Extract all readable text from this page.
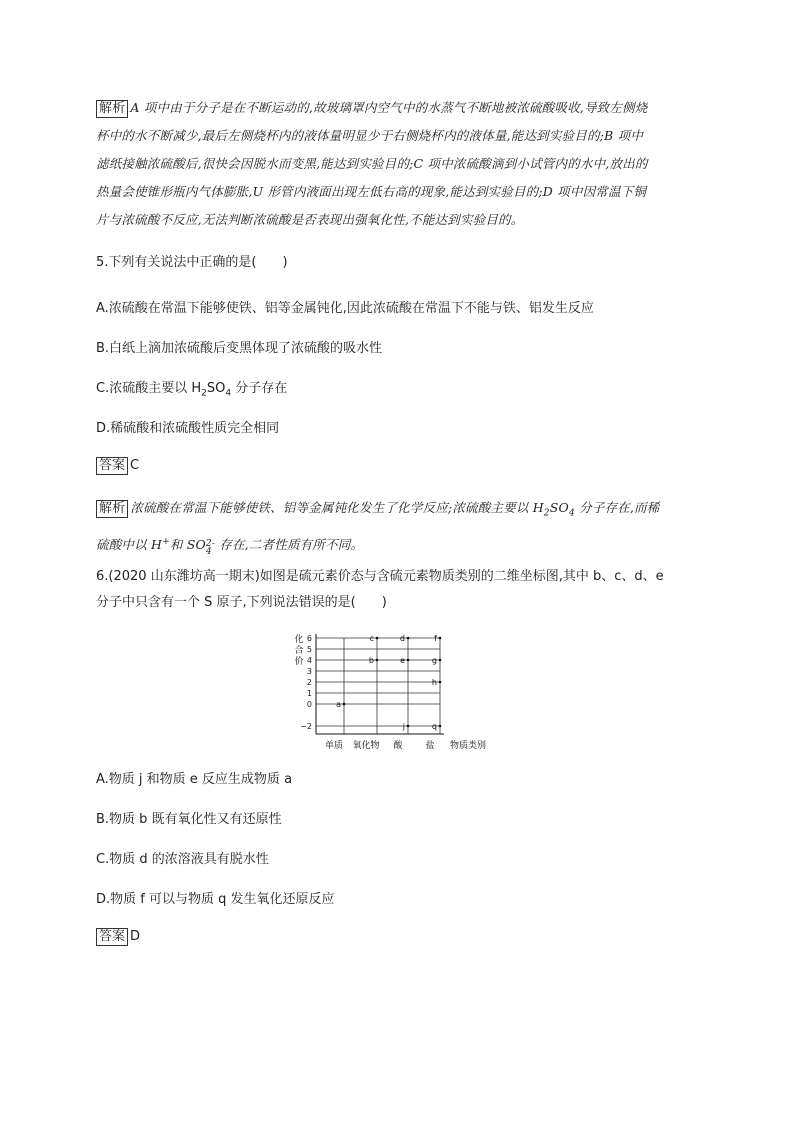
解析 A 项中由于分子是在不断运动的,故玻璃罩内空气中的水蒸气不断地被浓硫酸吸收,导致左侧烧
杯中的水不断减少,最后左侧烧杯内的液体量明显少于右侧烧杯内的液体量,能达到实验目的;B 项中
滤纸接触浓硫酸后,很快会因脱水而变黑,能达到实验目的;C 项中浓硫酸滴到小试管内的水中,放出的
热量会使锥形瓶内气体膨胀,U 形管内液面出现左低右高的现象,能达到实验目的;D 项中因常温下铜
片与浓硫酸不反应,无法判断浓硫酸是否表现出强氧化性,不能达到实验目的。
5.下列有关说法中正确的是(　　)
A.浓硫酸在常温下能够使铁、铝等金属钝化,因此浓硫酸在常温下不能与铁、铝发生反应
B.白纸上滴加浓硫酸后变黑体现了浓硫酸的吸水性
C.浓硫酸主要以 $H_2SO_4$ 分子存在
D.稀硫酸和浓硫酸性质完全相同
答案 C
解析 浓硫酸在常温下能够使铁、铝等金属钝化发生了化学反应;浓硫酸主要以 $H_2SO_4$ 分子存在,而稀
硫酸中以 H+和 SO 2-
4 存在,二者性质有所不同。
6.(2020 山东潍坊高一期末)如图是硫元素价态与含硫元素物质类别的二维坐标图,其中 b、c、d、e
分子中只含有一个 S 原子,下列说法错误的是(　　)
6
5
4
3
2
1
0
−2
化
合
价
单质 氧化物 酸	盐 物质类别
a
b
c	d
e
j
f
g
h
q
A.物质 j 和物质 e 反应生成物质 a
B.物质 b 既有氧化性又有还原性
C.物质 d 的浓溶液具有脱水性
D.物质 f 可以与物质 q 发生氧化还原反应
答案 D
